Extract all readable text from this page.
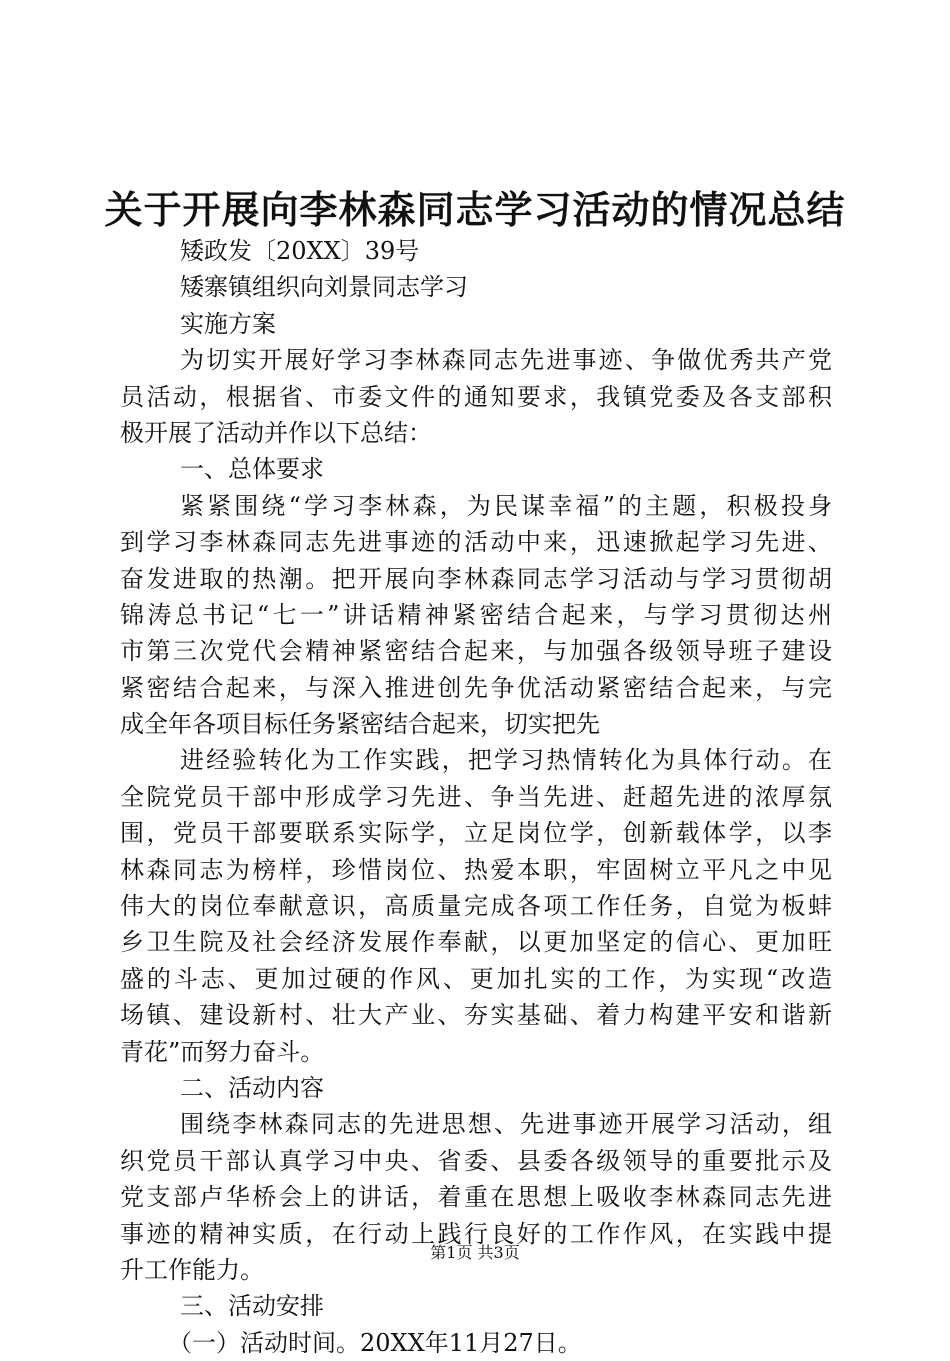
关于开展向李林森同志学习活动的情况总结
矮政发〔20XX〕39号
矮寨镇组织向刘景同志学习
实施方案
为切实开展好学习李林森同志先进事迹、争做优秀共产党
员活动，根据省、市委文件的通知要求，我镇党委及各支部积
极开展了活动并作以下总结：
一、总体要求
紧紧围绕“学习李林森，为民谋幸福”的主题，积极投身
到学习李林森同志先进事迹的活动中来，迅速掀起学习先进、
奋发进取的热潮。把开展向李林森同志学习活动与学习贯彻胡
锦涛总书记“七一”讲话精神紧密结合起来，与学习贯彻达州
市第三次党代会精神紧密结合起来，与加强各级领导班子建设
紧密结合起来，与深入推进创先争优活动紧密结合起来，与完
成全年各项目标任务紧密结合起来，切实把先
进经验转化为工作实践，把学习热情转化为具体行动。在
全院党员干部中形成学习先进、争当先进、赶超先进的浓厚氛
围，党员干部要联系实际学，立足岗位学，创新载体学，以李
林森同志为榜样，珍惜岗位、热爱本职，牢固树立平凡之中见
伟大的岗位奉献意识，高质量完成各项工作任务，自觉为板蚌
乡卫生院及社会经济发展作奉献，以更加坚定的信心、更加旺
盛的斗志、更加过硬的作风、更加扎实的工作，为实现“改造
场镇、建设新村、壮大产业、夯实基础、着力构建平安和谐新
青花”而努力奋斗。
二、活动内容
围绕李林森同志的先进思想、先进事迹开展学习活动，组
织党员干部认真学习中央、省委、县委各级领导的重要批示及
党支部卢华桥会上的讲话，着重在思想上吸收李林森同志先进
事迹的精神实质，在行动上践行良好的工作作风，在实践中提
升工作能力。
三、活动安排
（一）活动时间。20XX年11月27日。
第1页 共3页
